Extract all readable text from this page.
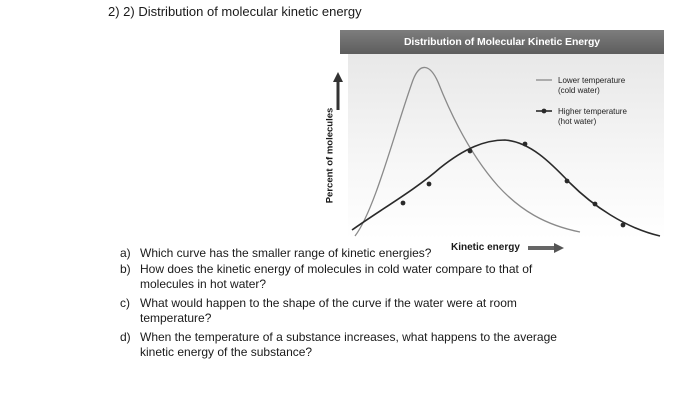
2) 2) Distribution of molecular kinetic energy
Distribution of Molecular Kinetic Energy
Percent of molecules
Lower temperature
(cold water)
Higher temperature
(hot water)
Kinetic energy

a) Which curve has the smaller range of kinetic energies?

b) How does the kinetic energy of molecules in cold water compare to that of molecules in hot water?

c) What would happen to the shape of the curve if the water were at room temperature?

d) When the temperature of a substance increases, what happens to the average kinetic energy of the substance?
